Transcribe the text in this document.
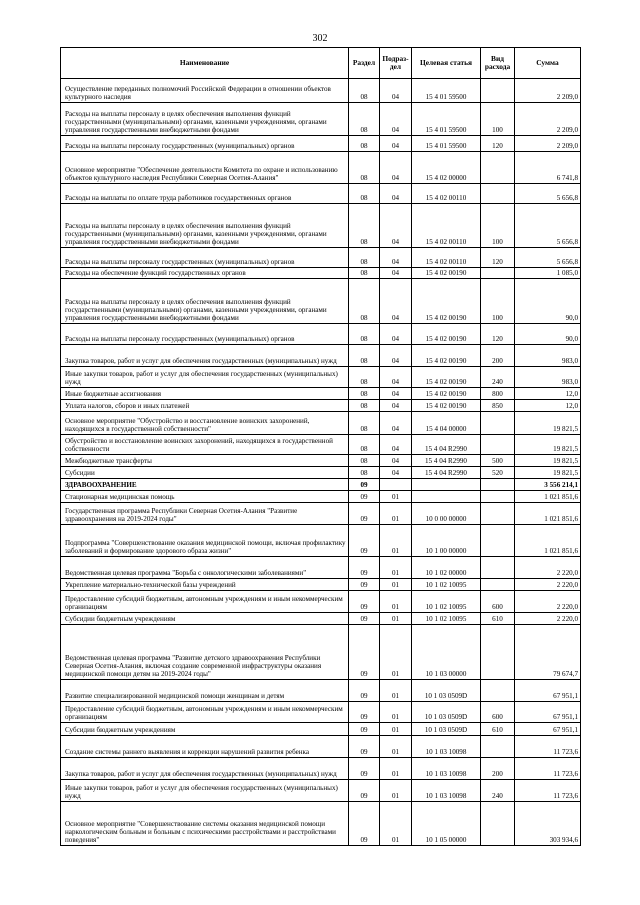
302
Наименование	Раздел	Подраз-дел	Целевая статья	Вид расхода	Сумма
Осуществление переданных полномочий Российской Федерации в отношении объектов культурного наследия	08	04	15 4 01 59500		2 209,0
Расходы на выплаты персоналу в целях обеспечения выполнения функций государственными (муниципальными) органами, казенными учреждениями, органами управления государственными внебюджетными фондами	08	04	15 4 01 59500	100	2 209,0
Расходы на выплаты персоналу государственных (муниципальных) органов	08	04	15 4 01 59500	120	2 209,0
Основное мероприятие "Обеспечение деятельности Комитета по охране и использованию объектов культурного наследия Республики Северная Осетия-Алания"	08	04	15 4 02 00000		6 741,8
Расходы на выплаты по оплате труда работников государственных органов	08	04	15 4 02 00110		5 656,8
Расходы на выплаты персоналу в целях обеспечения выполнения функций государственными (муниципальными) органами, казенными учреждениями, органами управления государственными внебюджетными фондами	08	04	15 4 02 00110	100	5 656,8
Расходы на выплаты персоналу государственных (муниципальных) органов	08	04	15 4 02 00110	120	5 656,8
Расходы на обеспечение функций государственных органов	08	04	15 4 02 00190		1 085,0
Расходы на выплаты персоналу в целях обеспечения выполнения функций государственными (муниципальными) органами, казенными учреждениями, органами управления государственными внебюджетными фондами	08	04	15 4 02 00190	100	90,0
Расходы на выплаты персоналу государственных (муниципальных) органов	08	04	15 4 02 00190	120	90,0
Закупка товаров, работ и услуг для обеспечения государственных (муниципальных) нужд	08	04	15 4 02 00190	200	983,0
Иные закупки товаров, работ и услуг для обеспечения государственных (муниципальных) нужд	08	04	15 4 02 00190	240	983,0
Иные бюджетные ассигнования	08	04	15 4 02 00190	800	12,0
Уплата налогов, сборов и иных платежей	08	04	15 4 02 00190	850	12,0
Основное мероприятие "Обустройство и восстановление воинских захоронений, находящихся в государственной собственности"	08	04	15 4 04 00000		19 821,5
Обустройство и восстановление воинских захоронений, находящихся в государственной собственности	08	04	15 4 04 R2990		19 821,5
Межбюджетные трансферты	08	04	15 4 04 R2990	500	19 821,5
Субсидии	08	04	15 4 04 R2990	520	19 821,5
ЗДРАВООХРАНЕНИЕ	09				3 556 214,1
Стационарная медицинская помощь	09	01			1 021 851,6
Государственная программа Республики Северная Осетия-Алания "Развитие здравоохранения на 2019-2024 годы"	09	01	10 0 00 00000		1 021 851,6
Подпрограмма "Совершенствование оказания медицинской помощи, включая профилактику заболеваний и формирование здорового образа жизни"	09	01	10 1 00 00000		1 021 851,6
Ведомственная целевая программа "Борьба с онкологическими заболеваниями"	09	01	10 1 02 00000		2 220,0
Укрепление материально-технической базы учреждений	09	01	10 1 02 10095		2 220,0
Предоставление субсидий бюджетным, автономным учреждениям и иным некоммерческим организациям	09	01	10 1 02 10095	600	2 220,0
Субсидии бюджетным учреждениям	09	01	10 1 02 10095	610	2 220,0
Ведомственная целевая программа "Развитие детского здравоохранения Республики Северная Осетия-Алания, включая создание современной инфраструктуры оказания медицинской помощи детям на 2019-2024 годы"	09	01	10 1 03 00000		79 674,7
Развитие специализированной медицинской помощи женщинам и детям	09	01	10 1 03 0509D		67 951,1
Предоставление субсидий бюджетным, автономным учреждениям и иным некоммерческим организациям	09	01	10 1 03 0509D	600	67 951,1
Субсидии бюджетным учреждениям	09	01	10 1 03 0509D	610	67 951,1
Создание системы раннего выявления и коррекции нарушений развития ребенка	09	01	10 1 03 10098		11 723,6
Закупка товаров, работ и услуг для обеспечения государственных (муниципальных) нужд	09	01	10 1 03 10098	200	11 723,6
Иные закупки товаров, работ и услуг для обеспечения государственных (муниципальных) нужд	09	01	10 1 03 10098	240	11 723,6
Основное мероприятие "Совершенствование системы оказания медицинской помощи наркологическим больным и больным с психическими расстройствами и расстройствами поведения"	09	01	10 1 05 00000		303 934,6
